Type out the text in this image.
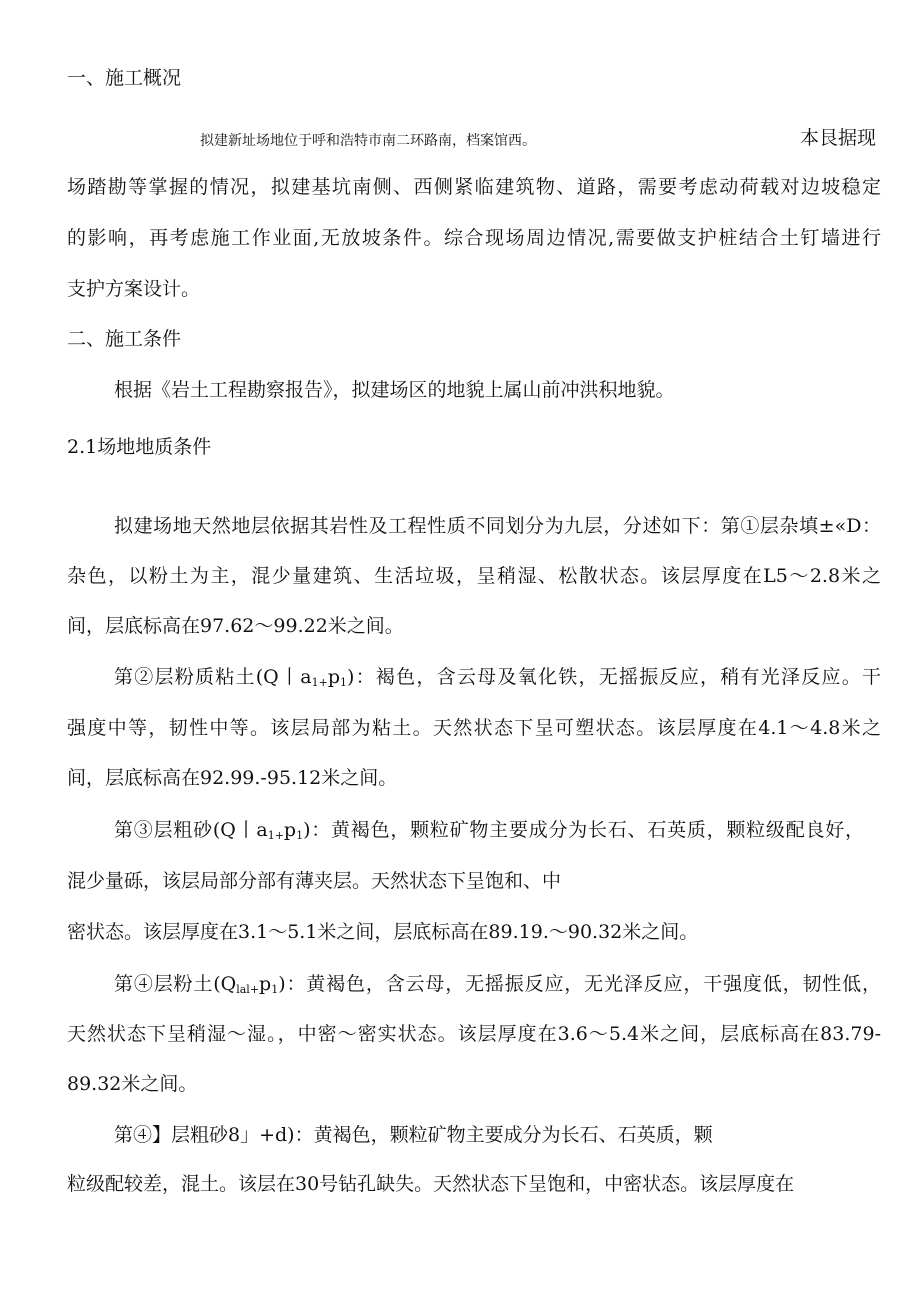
一、施工概况
拟建新址场地位于呼和浩特市南二环路南，档案馆西。	本艮据现
场踏勘等掌握的情况，拟建基坑南侧、西侧紧临建筑物、道路，需要考虑动荷载对边坡稳定
的影响，再考虑施工作业面,无放坡条件。综合现场周边情况,需要做支护桩结合土钉墙进行
支护方案设计。
二、施工条件
根据《岩土工程勘察报告》，拟建场区的地貌上属山前冲洪积地貌。
2.1场地地质条件
拟建场地天然地层依据其岩性及工程性质不同划分为九层，分述如下：第①层杂填±«D：
杂色，以粉土为主，混少量建筑、生活垃圾，呈稍湿、松散状态。该层厚度在L5～2.8米之
间，层底标高在97.62～99.22米之间。
第②层粉质粘土(Q丨$a_{1+}p_1$)：褐色，含云母及氧化铁，无摇振反应，稍有光泽反应。干
强度中等，韧性中等。该层局部为粘土。天然状态下呈可塑状态。该层厚度在4.1～4.8米之
间，层底标高在92.99.-95.12米之间。
第③层粗砂(Q丨$a_{1+}p_1$)：黄褐色，颗粒矿物主要成分为长石、石英质，颗粒级配良好，
混少量砾，该层局部分部有薄夹层。天然状态下呈饱和、中
密状态。该层厚度在3.1～5.1米之间，层底标高在89.19.～90.32米之间。
第④层粉土$(Q_{lal+}p_1)$：黄褐色，含云母，无摇振反应，无光泽反应，干强度低，韧性低，
天然状态下呈稍湿～湿。，中密～密实状态。该层厚度在3.6～5.4米之间，层底标高在83.79-
89.32米之间。
第④】层粗砂8」+d)：黄褐色，颗粒矿物主要成分为长石、石英质，颗
粒级配较差，混土。该层在30号钻孔缺失。天然状态下呈饱和，中密状态。该层厚度在
